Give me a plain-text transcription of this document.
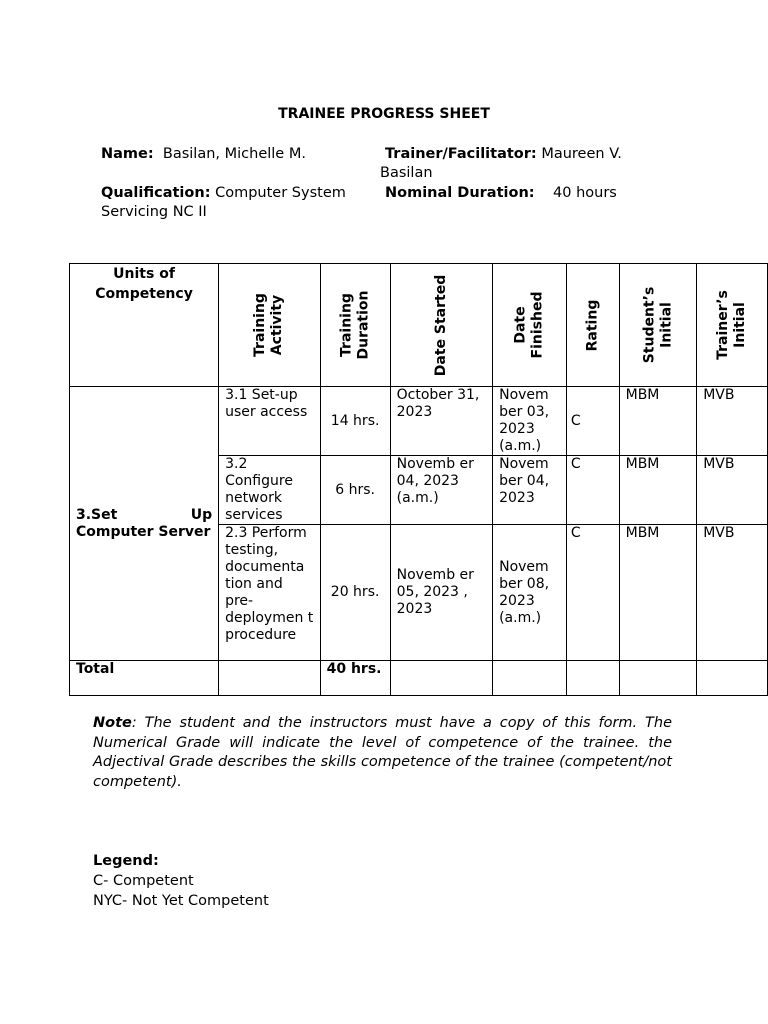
TRAINEE PROGRESS SHEET
Name: Basilan, Michelle M.	Trainer/Facilitator: Maureen V.
Basilan
Qualification: Computer System
Servicing NC II
Nominal Duration: 40 hours
Units of Competency	Training Activity	Training Duration	Date Started	Date Finished	Rating	Student’s Initial	Trainer’s Initial

3.Set Up
Computer Server	3.1 Set-up user access	14 hrs.	October 31, 2023	Novem ber 03, 2023 (a.m.)	C	MBM	MVB
	3.2 Configure network services	6 hrs.	Novemb er 04, 2023 (a.m.)	Novem ber 04, 2023	C	MBM	MVB
	2.3 Perform testing, documenta tion and pre-deploymen t procedure	20 hrs.	Novemb er 05, 2023 , 2023	Novem ber 08, 2023 (a.m.)	C	MBM	MVB
Total		40 hrs.					
Note: The student and the instructors must have a copy of this form. The Numerical Grade will indicate the level of competence of the trainee. the Adjectival Grade describes the skills competence of the trainee (competent/not competent).
Legend:
C- Competent
NYC- Not Yet Competent
